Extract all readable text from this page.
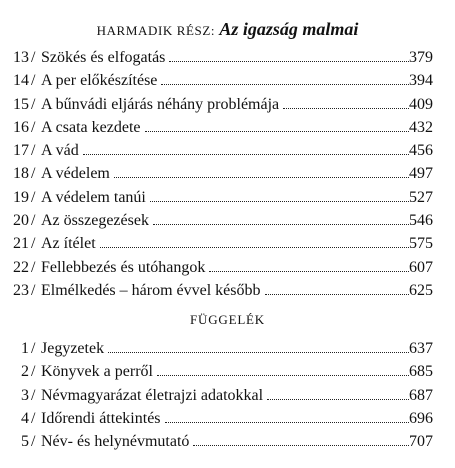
HARMADIK RÉSZ: Az igazság malmai
13 / Szökés és elfogatás	379
14 / A per előkészítése	394
15 / A bűnvádi eljárás néhány problémája	409
16 / A csata kezdete	432
17 / A vád	456
18 / A védelem	497
19 / A védelem tanúi	527
20 / Az összegezések	546
21 / Az ítélet	575
22 / Fellebbezés és utóhangok	607
23 / Elmélkedés – három évvel később	625
FÜGGELÉK
1 / Jegyzetek	637
2 / Könyvek a perről	685
3 / Névmagyarázat életrajzi adatokkal	687
4 / Időrendi áttekintés	696
5 / Név- és helynévmutató	707
